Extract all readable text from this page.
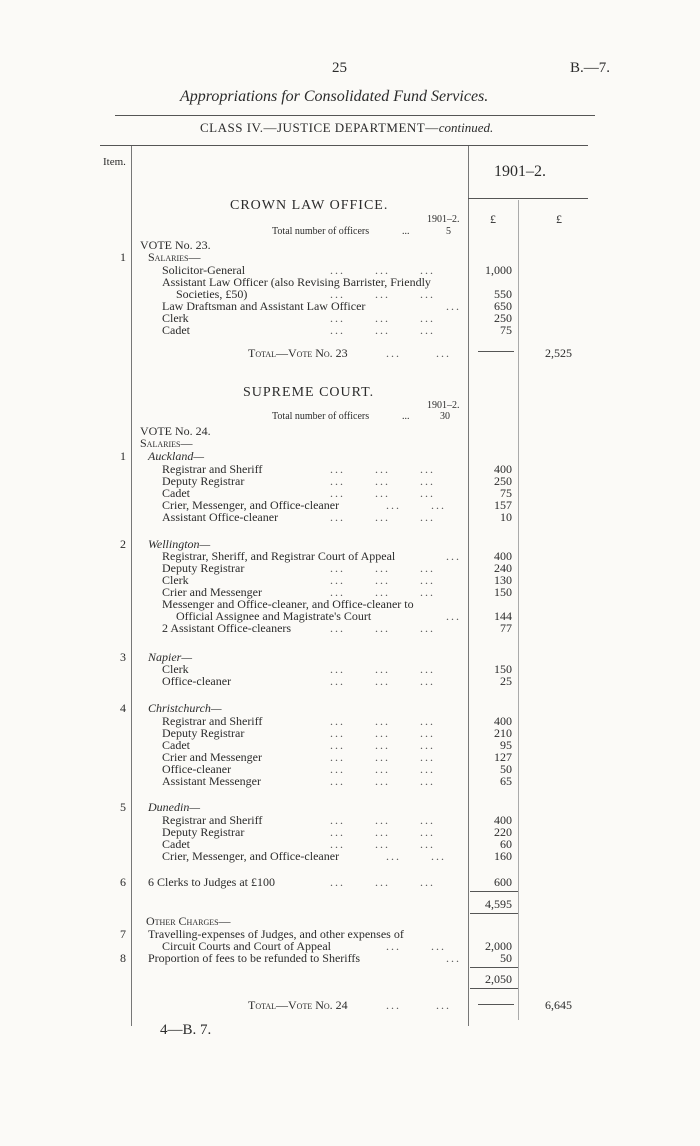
25	B.—7.
Appropriations for Consolidated Fund Services.
CLASS IV.—JUSTICE DEPARTMENT—continued.
Item.
1901–2.
£	£
CROWN LAW OFFICE.
1901–2.
Total number of officers	...	5
VOTE No. 23.
1 Salaries—
Solicitor-General	...      ...      ...	1,000
Assistant Law Officer (also Revising Barrister, Friendly
Societies, £50)	...      ...      ...	550
Law Draftsman and Assistant Law Officer	...	650
Clerk	...      ...      ...	250
Cadet	...      ...      ...	75
Total—Vote No. 23	...       ...	2,525
SUPREME COURT.
1901–2.
Total number of officers	...	30
VOTE No. 24.
Salaries—
1 Auckland—
Registrar and Sheriff	...      ...      ...	400
Deputy Registrar	...      ...      ...	250
Cadet	...      ...      ...	75
Crier, Messenger, and Office-cleaner	...      ...	157
Assistant Office-cleaner	...      ...      ...	10
2 Wellington—
Registrar, Sheriff, and Registrar Court of Appeal	...	400
Deputy Registrar	...      ...      ...	240
Clerk	...      ...      ...	130
Crier and Messenger	...      ...      ...	150
Messenger and Office-cleaner, and Office-cleaner to
Official Assignee and Magistrate's Court	...	144
2 Assistant Office-cleaners	...      ...      ...	77
3 Napier—
Clerk	...      ...      ...	150
Office-cleaner	...      ...      ...	25
4 Christchurch—
Registrar and Sheriff	...      ...      ...	400
Deputy Registrar	...      ...      ...	210
Cadet	...      ...      ...	95
Crier and Messenger	...      ...      ...	127
Office-cleaner	...      ...      ...	50
Assistant Messenger	...      ...      ...	65
5 Dunedin—
Registrar and Sheriff	...      ...      ...	400
Deputy Registrar	...      ...      ...	220
Cadet	...      ...      ...	60
Crier, Messenger, and Office-cleaner	...      ...	160
6 6 Clerks to Judges at £100	...      ...      ...	600
4,595
Other Charges—
7 Travelling-expenses of Judges, and other expenses of
Circuit Courts and Court of Appeal	...      ...	2,000
8 Proportion of fees to be refunded to Sheriffs	...	50
2,050
Total—Vote No. 24	...       ...	6,645
4—B. 7.
